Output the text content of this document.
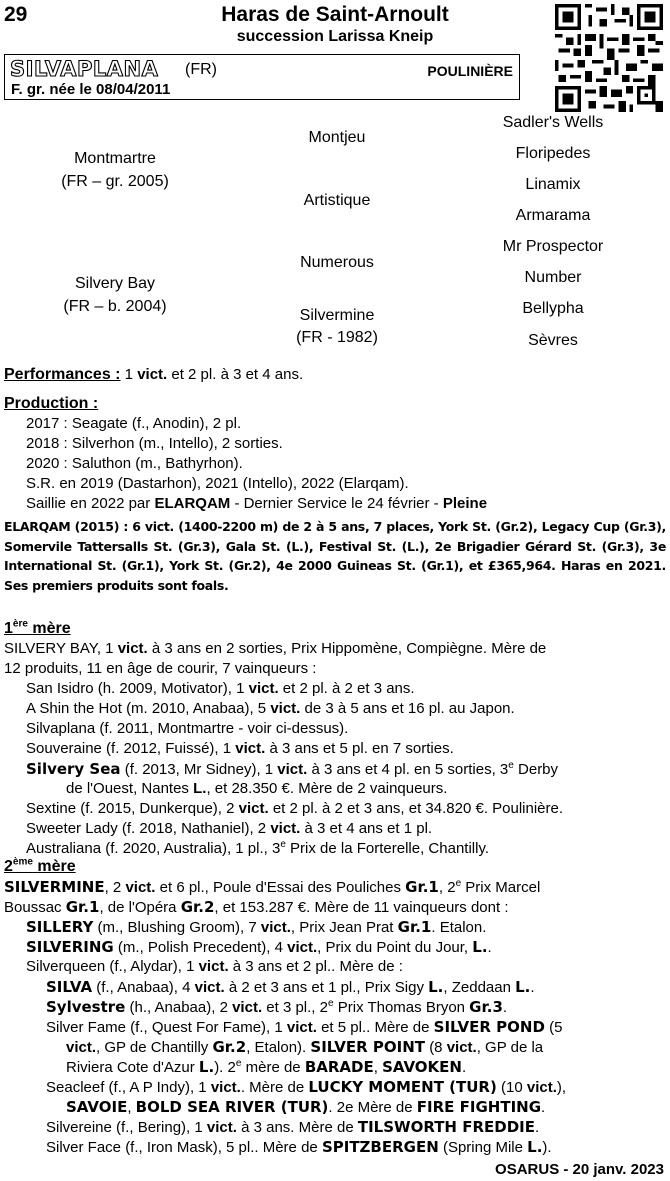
29	Haras de Saint-Arnoult
succession Larissa Kneip
SILVAPLANA (FR)	POULINIÈRE
F. gr. née le 08/04/2011
Montmartre
(FR – gr. 2005)
Silvery Bay
(FR – b. 2004)
Montjeu
Artistique
Numerous
Silvermine
(FR - 1982)
Sadler's Wells
Floripedes
Linamix
Armarama
Mr Prospector
Number
Bellypha
Sèvres
Performances : 1 vict. et 2 pl. à 3 et 4 ans.
Production :
2017 : Seagate (f., Anodin), 2 pl.
2018 : Silverhon (m., Intello), 2 sorties.
2020 : Saluthon (m., Bathyrhon).
S.R. en 2019 (Dastarhon), 2021 (Intello), 2022 (Elarqam).
Saillie en 2022 par ELARQAM - Dernier Service le 24 février - Pleine
ELARQAM (2015) : 6 vict. (1400-2200 m) de 2 à 5 ans, 7 places, York St. (Gr.2), Legacy Cup (Gr.3), Somervile Tattersalls St. (Gr.3), Gala St. (L.), Festival St. (L.), 2e Brigadier Gérard St. (Gr.3), 3e International St. (Gr.1), York St. (Gr.2), 4e 2000 Guineas St. (Gr.1), et £365,964. Haras en 2021. Ses premiers produits sont foals.
1ère mère
SILVERY BAY, 1 vict. à 3 ans en 2 sorties, Prix Hippomène, Compiègne. Mère de
12 produits, 11 en âge de courir, 7 vainqueurs :
San Isidro (h. 2009, Motivator), 1 vict. et 2 pl. à 2 et 3 ans.
A Shin the Hot (m. 2010, Anabaa), 5 vict. de 3 à 5 ans et 16 pl. au Japon.
Silvaplana (f. 2011, Montmartre - voir ci-dessus).
Souveraine (f. 2012, Fuissé), 1 vict. à 3 ans et 5 pl. en 7 sorties.
Silvery Sea (f. 2013, Mr Sidney), 1 vict. à 3 ans et 4 pl. en 5 sorties, 3e Derby
de l'Ouest, Nantes L., et 28.350 €. Mère de 2 vainqueurs.
Sextine (f. 2015, Dunkerque), 2 vict. et 2 pl. à 2 et 3 ans, et 34.820 €. Poulinière.
Sweeter Lady (f. 2018, Nathaniel), 2 vict. à 3 et 4 ans et 1 pl.
Australiana (f. 2020, Australia), 1 pl., 3e Prix de la Forterelle, Chantilly.
2ème mère
SILVERMINE, 2 vict. et 6 pl., Poule d'Essai des Pouliches Gr.1, 2e Prix Marcel
Boussac Gr.1, de l'Opéra Gr.2, et 153.287 €. Mère de 11 vainqueurs dont :
SILLERY (m., Blushing Groom), 7 vict., Prix Jean Prat Gr.1. Etalon.
SILVERING (m., Polish Precedent), 4 vict., Prix du Point du Jour, L..
Silverqueen (f., Alydar), 1 vict. à 3 ans et 2 pl.. Mère de :
SILVA (f., Anabaa), 4 vict. à 2 et 3 ans et 1 pl., Prix Sigy L., Zeddaan L..
Sylvestre (h., Anabaa), 2 vict. et 3 pl., 2e Prix Thomas Bryon Gr.3.
Silver Fame (f., Quest For Fame), 1 vict. et 5 pl.. Mère de SILVER POND (5
vict., GP de Chantilly Gr.2, Etalon). SILVER POINT (8 vict., GP de la
Riviera Cote d'Azur L.). 2e mère de BARADE, SAVOKEN.
Seacleef (f., A P Indy), 1 vict.. Mère de LUCKY MOMENT (TUR) (10 vict.),
SAVOIE, BOLD SEA RIVER (TUR). 2e Mère de FIRE FIGHTING.
Silvereine (f., Bering), 1 vict. à 3 ans. Mère de TILSWORTH FREDDIE.
Silver Face (f., Iron Mask), 5 pl.. Mère de SPITZBERGEN (Spring Mile L.).
OSARUS - 20 janv. 2023
